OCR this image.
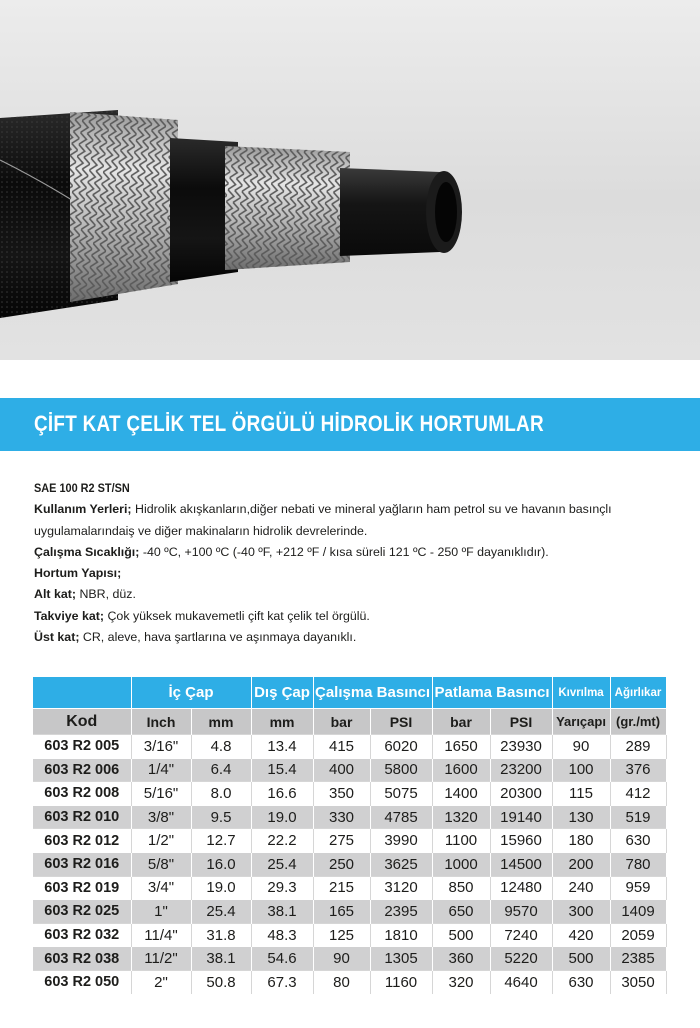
ÇİFT KAT ÇELİK TEL ÖRGÜLÜ HİDROLİK HORTUMLAR
SAE 100 R2 ST/SN
Kullanım Yerleri; Hidrolik akışkanların,diğer nebati ve mineral yağların ham petrol su ve havanın basınçlı
uygulamalarındaiş ve diğer makinaların hidrolik devrelerinde.
Çalışma Sıcaklığı; -40 ºC, +100 ºC (-40 ºF, +212 ºF / kısa süreli 121 ºC - 250 ºF dayanıklıdır).
Hortum Yapısı;
Alt kat; NBR, düz.
Takviye kat; Çok yüksek mukavemetli çift kat çelik tel örgülü.
Üst kat; CR, aleve, hava şartlarına ve aşınmaya dayanıklı.
	İç Çap		Dış Çap	Çalışma Basıncı		Patlama Basıncı		Kıvrılma	Ağırlıkar
Kod	Inch	mm	mm	bar	PSI	bar	PSI	Yarıçapı	(gr./mt)
603 R2 005	3/16"	4.8	13.4	415	6020	1650	23930	90	289
603 R2 006	1/4"	6.4	15.4	400	5800	1600	23200	100	376
603 R2 008	5/16"	8.0	16.6	350	5075	1400	20300	115	412
603 R2 010	3/8"	9.5	19.0	330	4785	1320	19140	130	519
603 R2 012	1/2"	12.7	22.2	275	3990	1100	15960	180	630
603 R2 016	5/8"	16.0	25.4	250	3625	1000	14500	200	780
603 R2 019	3/4"	19.0	29.3	215	3120	850	12480	240	959
603 R2 025	1"	25.4	38.1	165	2395	650	9570	300	1409
603 R2 032	11/4"	31.8	48.3	125	1810	500	7240	420	2059
603 R2 038	11/2"	38.1	54.6	90	1305	360	5220	500	2385
603 R2 050	2"	50.8	67.3	80	1160	320	4640	630	3050
